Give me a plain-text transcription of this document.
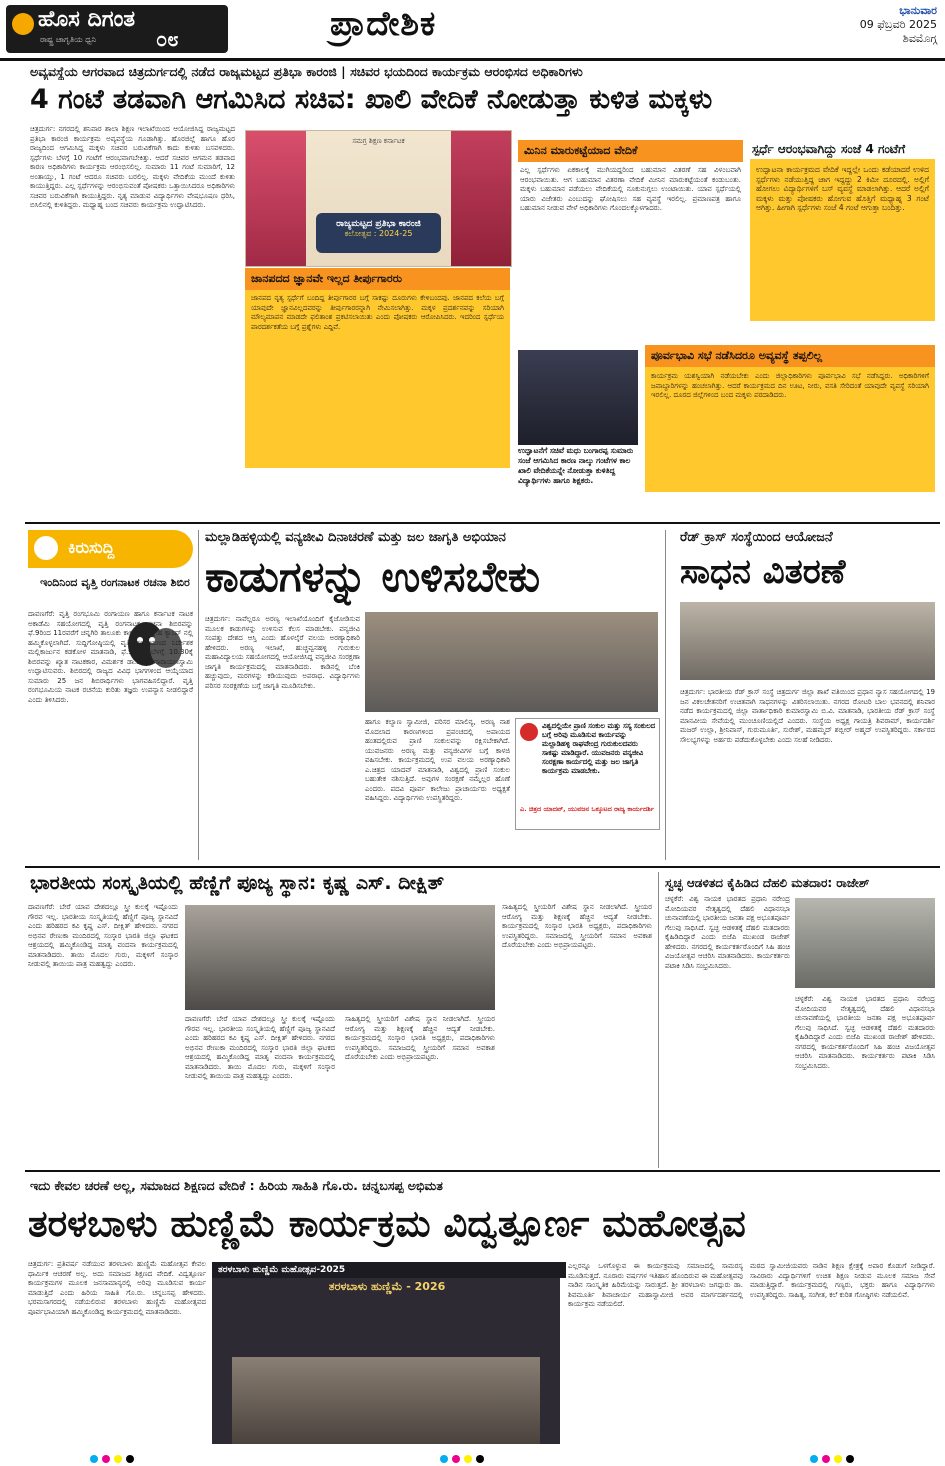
ಹೊಸ ದಿಗಂತ
ರಾಷ್ಟ್ರ ಜಾಗೃತಿಯ ಧ್ವನಿ	೦೮	ಪ್ರಾದೇಶಿಕ	ಭಾನುವಾರ
09 ಫೆಬ್ರವರಿ 2025
ಶಿವಮೊಗ್ಗ
ಅವ್ಯವಸ್ಥೆಯ ಆಗರವಾದ ಚಿತ್ರದುರ್ಗದಲ್ಲಿ ನಡೆದ ರಾಜ್ಯಮಟ್ಟದ ಪ್ರತಿಭಾ ಕಾರಂಜಿ | ಸಚಿವರ ಭಯದಿಂದ ಕಾರ್ಯಕ್ರಮ ಆರಂಭಿಸದ ಅಧಿಕಾರಿಗಳು
4 ಗಂಟೆ ತಡವಾಗಿ ಆಗಮಿಸಿದ ಸಚಿವ: ಖಾಲಿ ವೇದಿಕೆ ನೋಡುತ್ತಾ ಕುಳಿತ ಮಕ್ಕಳು
ಚಿತ್ರದುರ್ಗ: ನಗರದಲ್ಲಿ ಶನಿವಾರ ಶಾಲಾ ಶಿಕ್ಷಣ ಇಲಾಖೆಯಿಂದ ಆಯೋಜಿಸಿದ್ದ ರಾಜ್ಯಮಟ್ಟದ ಪ್ರತಿಭಾ ಕಾರಂಜಿ ಕಾರ್ಯಕ್ರಮ ಅವ್ಯವಸ್ಥೆಯ ಗೂಡಾಗಿತ್ತು. ಹೊರಜಿಲ್ಲೆ ಹಾಗೂ ಹೊರ ರಾಜ್ಯದಿಂದ ಆಗಮಿಸಿದ್ದ ಮಕ್ಕಳು ಸಚಿವರ ಬರುವಿಕೆಗಾಗಿ ಕಾದು ಕುಳಿತು ಬಸವಳಿದರು. ಸ್ಪರ್ಧೆಗಳು ಬೆಳಗ್ಗೆ 10 ಗಂಟೆಗೆ ಆರಂಭವಾಗಬೇಕಿತ್ತು. ಆದರೆ ಸಚಿವರ ಆಗಮನ ತಡವಾದ ಕಾರಣ ಅಧಿಕಾರಿಗಳು ಕಾರ್ಯಕ್ರಮ ಆರಂಭಿಸಲಿಲ್ಲ. ಸುಮಾರು 11 ಗಂಟೆ ಸುಮಾರಿಗೆ, 12 ಅಂತಾಯ್ತು, 1 ಗಂಟೆ ಆದರೂ ಸಚಿವರು ಬರಲಿಲ್ಲ. ಮಕ್ಕಳು ವೇದಿಕೆಯ ಮುಂದೆ ಕುಳಿತು ಕಾಯುತ್ತಿದ್ದರು. ಎಲ್ಲ ಸ್ಪರ್ಧೆಗಳನ್ನು ಆರಂಭಿಸುವಂತೆ ಪೋಷಕರು ಒತ್ತಾಯಿಸಿದರೂ ಅಧಿಕಾರಿಗಳು ಸಚಿವರ ಬರುವಿಕೆಗಾಗಿ ಕಾಯುತ್ತಿದ್ದರು. ನೃತ್ಯ ಮಾಡುವ ವಿದ್ಯಾರ್ಥಿಗಳು ವೇಷಭೂಷಣ ಧರಿಸಿ, ಬಿಸಿಲಿನಲ್ಲಿ ಕುಳಿತಿದ್ದರು. ಮಧ್ಯಾಹ್ನ ಬಂದ ಸಚಿವರು ಕಾರ್ಯಕ್ರಮ ಉದ್ಘಾಟಿಸಿದರು.
ಸಮಗ್ರ ಶಿಕ್ಷಣ ಕರ್ನಾಟಕ
ರಾಜ್ಯಮಟ್ಟದ ಪ್ರತಿಭಾ ಕಾರಂಜಿ
ಕಲೋತ್ಸವ : 2024-25
ಜಾನಪದದ ಜ್ಞಾನವೇ ಇಲ್ಲದ ತೀರ್ಪುಗಾರರು
ಜಾನಪದ ನೃತ್ಯ ಸ್ಪರ್ಧೆಗೆ ಬಂದಿದ್ದ ತೀರ್ಪುಗಾರರ ಬಗ್ಗೆ ಸಾಕಷ್ಟು ದೂರುಗಳು ಕೇಳಿಬಂದವು. ಜಾನಪದ ಕಲೆಯ ಬಗ್ಗೆ ಯಾವುದೇ ಜ್ಞಾನವಿಲ್ಲದವರನ್ನು ತೀರ್ಪುಗಾರರನ್ನಾಗಿ ನೇಮಿಸಲಾಗಿತ್ತು. ಮಕ್ಕಳ ಪ್ರದರ್ಶನವನ್ನು ಸರಿಯಾಗಿ ಮೌಲ್ಯಮಾಪನ ಮಾಡದೇ ಫಲಿತಾಂಶ ಪ್ರಕಟಿಸಲಾಯಿತು ಎಂದು ಪೋಷಕರು ಆರೋಪಿಸಿದರು. ಇದರಿಂದ ಸ್ಪರ್ಧೆಯ ಪಾರದರ್ಶಕತೆಯ ಬಗ್ಗೆ ಪ್ರಶ್ನೆಗಳು ಎದ್ದಿವೆ.
ಮಿನಿನ ಮಾರುಕಟ್ಟೆಯಾದ ವೇದಿಕೆ
ಎಲ್ಲ ಸ್ಪರ್ಧೆಗಳು ಏಕಕಾಲಕ್ಕೆ ಮುಗಿಯದ್ದರಿಂದ ಬಹುಮಾನ ವಿತರಣೆ ಸಹ ವಿಳಂಬವಾಗಿ ಆರಂಭವಾಯಿತು. ಆಗ ಬಹುಮಾನ ವಿತರಣಾ ವೇದಿಕೆ ಮೀನಿನ ಮಾರುಕಟ್ಟೆಯಂತೆ ಕಂಡುಬಂತು. ಮಕ್ಕಳು ಬಹುಮಾನ ಪಡೆಯಲು ವೇದಿಕೆಯಲ್ಲಿ ನೂಕುನುಗ್ಗಲು ಉಂಟಾಯಿತು. ಯಾವ ಸ್ಪರ್ಧೆಯಲ್ಲಿ ಯಾರು ವಿಜೇತರು ಎಂಬುದನ್ನು ಘೋಷಿಸಲು ಸಹ ವ್ಯವಸ್ಥೆ ಇರಲಿಲ್ಲ. ಪ್ರಮಾಣಪತ್ರ ಹಾಗೂ ಬಹುಮಾನ ನೀಡುವ ವೇಳೆ ಅಧಿಕಾರಿಗಳು ಗೊಂದಲಕ್ಕೊಳಗಾದರು.
ಸ್ಪರ್ಧೆ ಆರಂಭವಾಗಿದ್ದು ಸಂಜೆ 4 ಗಂಟೆಗೆ
ಉದ್ಘಾಟನಾ ಕಾರ್ಯಕ್ರಮದ ವೇದಿಕೆ ಇದ್ದಲ್ಲೇ ಒಂದು ಕಡೆಯಾದರೆ ಉಳಿದ ಸ್ಪರ್ಧೆಗಳು ನಡೆಯುತ್ತಿದ್ದ ಜಾಗ ಇದ್ದದ್ದು 2 ಕಿಮೀ ದೂರದಲ್ಲಿ. ಅಲ್ಲಿಗೆ ಹೋಗಲು ವಿದ್ಯಾರ್ಥಿಗಳಿಗೆ ಬಸ್ ವ್ಯವಸ್ಥೆ ಮಾಡಲಾಗಿತ್ತು. ಆದರೆ ಅಲ್ಲಿಗೆ ಮಕ್ಕಳು ಮತ್ತು ಪೋಷಕರು ಹೋಗುವ ಹೊತ್ತಿಗೆ ಮಧ್ಯಾಹ್ನ 3 ಗಂಟೆ ಆಗಿತ್ತು. ಹೀಗಾಗಿ ಸ್ಪರ್ಧೆಗಳು ಸಂಜೆ 4 ಗಂಟೆ ಆಗುತ್ತಾ ಬಂದಿತ್ತು.
ಉದ್ಘಾಟನೆಗೆ ಸಚಿವೆ ಮಧು ಬಂಗಾರಪ್ಪ ಸುಮಾರು ಸಂಜೆ ಆಗಮಿಸಿದ ಕಾರಣ ನಾಲ್ಕು ಗಂಟೆಗಳ ಕಾಲ ಖಾಲಿ ವೇದಿಕೆಯನ್ನೇ ನೋಡುತ್ತಾ ಕುಳಿತಿದ್ದ ವಿದ್ಯಾರ್ಥಿಗಳು ಹಾಗೂ ಶಿಕ್ಷಕರು.
ಪೂರ್ವಭಾವಿ ಸಭೆ ನಡೆಸಿದರೂ ಅವ್ಯವಸ್ಥೆ ತಪ್ಪಲಿಲ್ಲ
ಕಾರ್ಯಕ್ರಮ ಯಶಸ್ವಿಯಾಗಿ ನಡೆಯಬೇಕು ಎಂದು ಜಿಲ್ಲಾಧಿಕಾರಿಗಳು ಪೂರ್ವಭಾವಿ ಸಭೆ ನಡೆಸಿದ್ದರು. ಅಧಿಕಾರಿಗಳಿಗೆ ಜವಾಬ್ದಾರಿಗಳನ್ನು ಹಂಚಲಾಗಿತ್ತು. ಆದರೆ ಕಾರ್ಯಕ್ರಮದ ದಿನ ಊಟ, ನೀರು, ವಸತಿ ಸೇರಿದಂತೆ ಯಾವುದೇ ವ್ಯವಸ್ಥೆ ಸರಿಯಾಗಿ ಇರಲಿಲ್ಲ. ದೂರದ ಜಿಲ್ಲೆಗಳಿಂದ ಬಂದ ಮಕ್ಕಳು ಪರದಾಡಿದರು.
ಕಿರುಸುದ್ದಿ
ಇಂದಿನಿಂದ ವೃತ್ತಿ ರಂಗನಾಟಕ ರಚನಾ ಶಿಬಿರ
ದಾವಣಗೆರೆ: ವೃತ್ತಿ ರಂಗಭೂಮಿ ರಂಗಾಯಣ ಹಾಗೂ ಕರ್ನಾಟಕ ನಾಟಕ ಅಕಾಡೆಮಿ ಸಹಯೋಗದಲ್ಲಿ ವೃತ್ತಿ ರಂಗನಾಟಕ ರಚನಾ ಶಿಬಿರವನ್ನು ಫೆ.9ರಿಂದ 11ರವರೆಗೆ ಚನ್ನಗಿರಿ ತಾಲೂಕು ಕಾಕನೂರಿನ ಸ್ನೇಹ ಕ್ಯಾಂಪ್ ನಲ್ಲಿ ಹಮ್ಮಿಕೊಳ್ಳಲಾಗಿದೆ. ಸುದ್ದಿಗೋಷ್ಠಿಯಲ್ಲಿ ವೃತ್ತಿ ರಂಗಾಯಣದ ನಿರ್ದೇಶಕ ಮಲ್ಲಿಕಾರ್ಜುನ ಕಡಕೋಳ ಮಾತನಾಡಿ, ಫೆ.9ರಂದು ಬೆಳಗ್ಗೆ 10.30ಕ್ಕೆ ಶಿಬಿರವನ್ನು ಖ್ಯಾತ ನಾಟಕಕಾರ, ವಿಮರ್ಶಕ ಡಾ.ಕೆ.ವೈ. ನಾರಾಯಣಸ್ವಾಮಿ ಉದ್ಘಾಟಿಸುವರು. ಶಿಬಿರದಲ್ಲಿ ರಾಜ್ಯದ ವಿವಿಧ ಭಾಗಗಳಿಂದ ಆಯ್ಕೆಯಾದ ಸುಮಾರು 25 ಜನ ಶಿಬಿರಾರ್ಥಿಗಳು ಭಾಗವಹಿಸಲಿದ್ದಾರೆ. ವೃತ್ತಿ ರಂಗಭೂಮಿಯ ನಾಟಕ ರಚನೆಯ ಕುರಿತು ತಜ್ಞರು ಉಪನ್ಯಾಸ ನೀಡಲಿದ್ದಾರೆ ಎಂದು ತಿಳಿಸಿದರು.
ಮಲ್ಲಾಡಿಹಳ್ಳಿಯಲ್ಲಿ ವನ್ಯಜೀವಿ ದಿನಾಚರಣೆ ಮತ್ತು ಜಲ ಜಾಗೃತಿ ಅಭಿಯಾನ
ಕಾಡುಗಳನ್ನು ಉಳಿಸಬೇಕು
ಚಿತ್ರದುರ್ಗ: ನಾವೆಲ್ಲರೂ ಅರಣ್ಯ ಇಲಾಖೆಯೊಂದಿಗೆ ಕೈಜೋಡಿಸುವ ಮೂಲಕ ಕಾಡುಗಳನ್ನು ಉಳಿಸುವ ಕೆಲಸ ಮಾಡಬೇಕು. ವನ್ಯಜೀವಿ ಸಂಪತ್ತು ದೇಶದ ಆಸ್ತಿ ಎಂದು ಹೊಳಲ್ಕೆರೆ ವಲಯ ಅರಣ್ಯಾಧಿಕಾರಿ ಹೇಳಿದರು. ಅರಣ್ಯ ಇಲಾಖೆ, ಹುಚ್ಚವ್ವನಹಳ್ಳಿ ಗುರುಕುಲ ಮಹಾವಿದ್ಯಾಲಯ ಸಹಯೋಗದಲ್ಲಿ ಆಯೋಜಿಸಿದ್ದ ವನ್ಯಜೀವಿ ಸಂರಕ್ಷಣಾ ಜಾಗೃತಿ ಕಾರ್ಯಕ್ರಮದಲ್ಲಿ ಮಾತನಾಡಿದರು. ಕಾಡಿನಲ್ಲಿ ಬೆಂಕಿ ಹಚ್ಚುವುದು, ಮರಗಳನ್ನು ಕಡಿಯುವುದು ಅಪರಾಧ. ವಿದ್ಯಾರ್ಥಿಗಳು ಪರಿಸರ ಸಂರಕ್ಷಣೆಯ ಬಗ್ಗೆ ಜಾಗೃತಿ ಮೂಡಿಸಬೇಕು.
ಹಾಗೂ ಕಲ್ಯಾಣ ಸ್ವಾಮೀಜಿ, ಪರಿಸರ ಮಾಲಿನ್ಯ, ಅರಣ್ಯ ನಾಶ ಮೊದಲಾದ ಕಾರಣಗಳಿಂದ ಪ್ರಪಂಚದಲ್ಲಿ ಅಪಾಯದ ಹಂತದಲ್ಲಿರುವ ಪ್ರಾಣಿ ಸಂಕುಲವನ್ನು ರಕ್ಷಿಸಬೇಕಾಗಿದೆ. ಯುವಜನರು ಅರಣ್ಯ ಮತ್ತು ವನ್ಯಜೀವಿಗಳ ಬಗ್ಗೆ ಕಾಳಜಿ ವಹಿಸಬೇಕು. ಕಾರ್ಯಕ್ರಮದಲ್ಲಿ ಉಪ ವಲಯ ಅರಣ್ಯಾಧಿಕಾರಿ ಎ.ಚಿತ್ರದ ಯಾದವ್ ಮಾತನಾಡಿ, ವಿಶ್ವದಲ್ಲಿ ಪ್ರಾಣಿ ಸಂಕುಲ ಬಹುತೇಕ ನಶಿಸುತ್ತಿದೆ. ಅವುಗಳ ಸಂರಕ್ಷಣೆ ನಮ್ಮೆಲ್ಲರ ಹೊಣೆ ಎಂದರು. ಪದವಿ ಪೂರ್ವ ಕಾಲೇಜು ಪ್ರಾಚಾರ್ಯರು ಅಧ್ಯಕ್ಷತೆ ವಹಿಸಿದ್ದರು. ವಿದ್ಯಾರ್ಥಿಗಳು ಉಪಸ್ಥಿತರಿದ್ದರು.
ವಿಶ್ವದಲ್ಲಿಯೇ ಪ್ರಾಣಿ ಸಂಕುಲ ಮತ್ತು ಸಸ್ಯ ಸಂಕುಲದ ಬಗ್ಗೆ ಅರಿವು ಮೂಡಿಸುವ ಕಾರ್ಯವನ್ನು ಮಲ್ಲಾಡಿಹಳ್ಳಿ ರಾಘವೇಂದ್ರ ಗುರುಕುಲದವರು ಸಾಕಷ್ಟು ಮಾಡಿದ್ದಾರೆ. ಯುವಜನರು ವನ್ಯಜೀವಿ ಸಂರಕ್ಷಣಾ ಕಾರ್ಯದಲ್ಲಿ ಮತ್ತು ಜಲ ಜಾಗೃತಿ ಕಾರ್ಯಕ್ರಮ ಮಾಡಬೇಕು.
ಎ. ಚಿತ್ರದ ಯಾದವ್, ಯುವಜನ ಒಕ್ಕೂಟದ ರಾಜ್ಯ ಕಾರ್ಯದರ್ಶಿ
ರೆಡ್ ಕ್ರಾಸ್ ಸಂಸ್ಥೆಯಿಂದ ಆಯೋಜನೆ
ಸಾಧನ ವಿತರಣೆ
ಚಿತ್ರದುರ್ಗ: ಭಾರತೀಯ ರೆಡ್ ಕ್ರಾಸ್ ಸಂಸ್ಥೆ ಚಿತ್ರದುರ್ಗ ಜಿಲ್ಲಾ ಶಾಖೆ ವತಿಯಿಂದ ಪ್ರಧಾನ ನ್ಯಾಸ ಸಹಯೋಗದಲ್ಲಿ 19 ಜನ ವಿಕಲಚೇತನರಿಗೆ ಉಚಿತವಾಗಿ ಸಾಧನಗಳನ್ನು ವಿತರಿಸಲಾಯಿತು. ನಗರದ ರೋಟರಿ ಬಾಲ ಭವನದಲ್ಲಿ ಶನಿವಾರ ನಡೆದ ಕಾರ್ಯಕ್ರಮದಲ್ಲಿ ಜಿಲ್ಲಾ ವಾರ್ತಾಧಿಕಾರಿ ಕುಮಾರಸ್ವಾಮಿ ಬಿ.ವಿ. ಮಾತನಾಡಿ, ಭಾರತೀಯ ರೆಡ್ ಕ್ರಾಸ್ ಸಂಸ್ಥೆ ಮಾನವೀಯ ಸೇವೆಯಲ್ಲಿ ಮುಂಚೂಣಿಯಲ್ಲಿದೆ ಎಂದರು. ಸಂಸ್ಥೆಯ ಅಧ್ಯಕ್ಷ ಗಾಯತ್ರಿ ಶಿವರಾಮ್, ಕಾರ್ಯದರ್ಶಿ ಮಜರ್ ಉಲ್ಲಾ, ಶ್ರೀನಿವಾಸ್, ಗುರುಮೂರ್ತಿ, ಸುರೇಶ್, ಮಹಮ್ಮದ್ ಶಬ್ಬೀರ್ ಅಹ್ಮದ್ ಉಪಸ್ಥಿತರಿದ್ದರು. ಸರ್ಕಾರದ ಸೌಲಭ್ಯಗಳನ್ನು ಅರ್ಹರು ಪಡೆದುಕೊಳ್ಳಬೇಕು ಎಂದು ಸಲಹೆ ನೀಡಿದರು.
ಭಾರತೀಯ ಸಂಸ್ಕೃತಿಯಲ್ಲಿ ಹೆಣ್ಣಿಗೆ ಪೂಜ್ಯ ಸ್ಥಾನ: ಕೃಷ್ಣ ಎಸ್. ದೀಕ್ಷಿತ್
ದಾವಣಗೆರೆ: ಬೇರೆ ಯಾವ ದೇಶದಲ್ಲೂ ಸ್ತ್ರೀ ಕುಲಕ್ಕೆ ಇಷ್ಟೊಂದು ಗೌರವ ಇಲ್ಲ. ಭಾರತೀಯ ಸಂಸ್ಕೃತಿಯಲ್ಲಿ ಹೆಣ್ಣಿಗೆ ಪೂಜ್ಯ ಸ್ಥಾನವಿದೆ ಎಂದು ಹರಿಹರದ ಕವಿ ಕೃಷ್ಣ ಎಸ್. ದೀಕ್ಷಿತ್ ಹೇಳಿದರು. ನಗರದ ಅಭಿನವ ರೇಣುಕಾ ಮಂದಿರದಲ್ಲಿ ಸಂಸ್ಕಾರ ಭಾರತಿ ಜಿಲ್ಲಾ ಘಟಕದ ಆಶ್ರಯದಲ್ಲಿ ಹಮ್ಮಿಕೊಂಡಿದ್ದ ಮಾತೃ ವಂದನಾ ಕಾರ್ಯಕ್ರಮದಲ್ಲಿ ಮಾತನಾಡಿದರು. ತಾಯಿ ಮೊದಲ ಗುರು, ಮಕ್ಕಳಿಗೆ ಸಂಸ್ಕಾರ ನೀಡುವಲ್ಲಿ ತಾಯಿಯ ಪಾತ್ರ ಮಹತ್ವದ್ದು ಎಂದರು.
ದಾವಣಗೆರೆ: ಬೇರೆ ಯಾವ ದೇಶದಲ್ಲೂ ಸ್ತ್ರೀ ಕುಲಕ್ಕೆ ಇಷ್ಟೊಂದು ಗೌರವ ಇಲ್ಲ. ಭಾರತೀಯ ಸಂಸ್ಕೃತಿಯಲ್ಲಿ ಹೆಣ್ಣಿಗೆ ಪೂಜ್ಯ ಸ್ಥಾನವಿದೆ ಎಂದು ಹರಿಹರದ ಕವಿ ಕೃಷ್ಣ ಎಸ್. ದೀಕ್ಷಿತ್ ಹೇಳಿದರು. ನಗರದ ಅಭಿನವ ರೇಣುಕಾ ಮಂದಿರದಲ್ಲಿ ಸಂಸ್ಕಾರ ಭಾರತಿ ಜಿಲ್ಲಾ ಘಟಕದ ಆಶ್ರಯದಲ್ಲಿ ಹಮ್ಮಿಕೊಂಡಿದ್ದ ಮಾತೃ ವಂದನಾ ಕಾರ್ಯಕ್ರಮದಲ್ಲಿ ಮಾತನಾಡಿದರು. ತಾಯಿ ಮೊದಲ ಗುರು, ಮಕ್ಕಳಿಗೆ ಸಂಸ್ಕಾರ ನೀಡುವಲ್ಲಿ ತಾಯಿಯ ಪಾತ್ರ ಮಹತ್ವದ್ದು ಎಂದರು.
ಸಾಹಿತ್ಯದಲ್ಲಿ ಸ್ತ್ರೀಯರಿಗೆ ವಿಶೇಷ ಸ್ಥಾನ ನೀಡಲಾಗಿದೆ. ಸ್ತ್ರೀಯರ ಆರೋಗ್ಯ ಮತ್ತು ಶಿಕ್ಷಣಕ್ಕೆ ಹೆಚ್ಚಿನ ಆದ್ಯತೆ ನೀಡಬೇಕು. ಕಾರ್ಯಕ್ರಮದಲ್ಲಿ ಸಂಸ್ಕಾರ ಭಾರತಿ ಅಧ್ಯಕ್ಷರು, ಪದಾಧಿಕಾರಿಗಳು ಉಪಸ್ಥಿತರಿದ್ದರು. ಸಮಾಜದಲ್ಲಿ ಸ್ತ್ರೀಯರಿಗೆ ಸಮಾನ ಅವಕಾಶ ದೊರೆಯಬೇಕು ಎಂದು ಅಭಿಪ್ರಾಯಪಟ್ಟರು.
ಸಾಹಿತ್ಯದಲ್ಲಿ ಸ್ತ್ರೀಯರಿಗೆ ವಿಶೇಷ ಸ್ಥಾನ ನೀಡಲಾಗಿದೆ. ಸ್ತ್ರೀಯರ ಆರೋಗ್ಯ ಮತ್ತು ಶಿಕ್ಷಣಕ್ಕೆ ಹೆಚ್ಚಿನ ಆದ್ಯತೆ ನೀಡಬೇಕು. ಕಾರ್ಯಕ್ರಮದಲ್ಲಿ ಸಂಸ್ಕಾರ ಭಾರತಿ ಅಧ್ಯಕ್ಷರು, ಪದಾಧಿಕಾರಿಗಳು ಉಪಸ್ಥಿತರಿದ್ದರು. ಸಮಾಜದಲ್ಲಿ ಸ್ತ್ರೀಯರಿಗೆ ಸಮಾನ ಅವಕಾಶ ದೊರೆಯಬೇಕು ಎಂದು ಅಭಿಪ್ರಾಯಪಟ್ಟರು.
ಸ್ವಚ್ಛ ಆಡಳಿತದ ಕೈಹಿಡಿದ ದೆಹಲಿ ಮತದಾರ: ರಾಜೇಶ್
ಚಳ್ಳಕೆರೆ: ವಿಶ್ವ ನಾಯಕ ಭಾರತದ ಪ್ರಧಾನಿ ನರೇಂದ್ರ ಮೋದಿಯವರ ನೇತೃತ್ವದಲ್ಲಿ ದೆಹಲಿ ವಿಧಾನಸಭಾ ಚುನಾವಣೆಯಲ್ಲಿ ಭಾರತೀಯ ಜನತಾ ಪಕ್ಷ ಅಭೂತಪೂರ್ವ ಗೆಲುವು ಸಾಧಿಸಿದೆ. ಸ್ವಚ್ಛ ಆಡಳಿತಕ್ಕೆ ದೆಹಲಿ ಮತದಾರರು ಕೈಹಿಡಿದಿದ್ದಾರೆ ಎಂದು ಬಿಜೆಪಿ ಮುಖಂಡ ರಾಜೇಶ್ ಹೇಳಿದರು. ನಗರದಲ್ಲಿ ಕಾರ್ಯಕರ್ತರೊಂದಿಗೆ ಸಿಹಿ ಹಂಚಿ ವಿಜಯೋತ್ಸವ ಆಚರಿಸಿ ಮಾತನಾಡಿದರು. ಕಾರ್ಯಕರ್ತರು ಪಟಾಕಿ ಸಿಡಿಸಿ ಸಂಭ್ರಮಿಸಿದರು.
ಚಳ್ಳಕೆರೆ: ವಿಶ್ವ ನಾಯಕ ಭಾರತದ ಪ್ರಧಾನಿ ನರೇಂದ್ರ ಮೋದಿಯವರ ನೇತೃತ್ವದಲ್ಲಿ ದೆಹಲಿ ವಿಧಾನಸಭಾ ಚುನಾವಣೆಯಲ್ಲಿ ಭಾರತೀಯ ಜನತಾ ಪಕ್ಷ ಅಭೂತಪೂರ್ವ ಗೆಲುವು ಸಾಧಿಸಿದೆ. ಸ್ವಚ್ಛ ಆಡಳಿತಕ್ಕೆ ದೆಹಲಿ ಮತದಾರರು ಕೈಹಿಡಿದಿದ್ದಾರೆ ಎಂದು ಬಿಜೆಪಿ ಮುಖಂಡ ರಾಜೇಶ್ ಹೇಳಿದರು. ನಗರದಲ್ಲಿ ಕಾರ್ಯಕರ್ತರೊಂದಿಗೆ ಸಿಹಿ ಹಂಚಿ ವಿಜಯೋತ್ಸವ ಆಚರಿಸಿ ಮಾತನಾಡಿದರು. ಕಾರ್ಯಕರ್ತರು ಪಟಾಕಿ ಸಿಡಿಸಿ ಸಂಭ್ರಮಿಸಿದರು.
ಇದು ಕೇವಲ ಚರಣೆ ಅಲ್ಲ, ಸಮಾಜದ ಶಿಕ್ಷಣದ ವೇದಿಕೆ : ಹಿರಿಯ ಸಾಹಿತಿ ಗೊ.ರು. ಚನ್ನಬಸಪ್ಪ ಅಭಿಮತ
ತರಳಬಾಳು ಹುಣ್ಣಿಮೆ ಕಾರ್ಯಕ್ರಮ ವಿದ್ವತ್ಪೂರ್ಣ ಮಹೋತ್ಸವ
ಚಿತ್ರದುರ್ಗ: ಪ್ರತಿವರ್ಷ ನಡೆಯುವ ತರಳಬಾಳು ಹುಣ್ಣಿಮೆ ಮಹೋತ್ಸವ ಕೇವಲ ಧಾರ್ಮಿಕ ಆಚರಣೆ ಅಲ್ಲ. ಅದು ಸಮಾಜದ ಶಿಕ್ಷಣದ ವೇದಿಕೆ. ವಿದ್ವತ್ಪೂರ್ಣ ಕಾರ್ಯಕ್ರಮಗಳ ಮೂಲಕ ಜನಸಾಮಾನ್ಯರಲ್ಲಿ ಅರಿವು ಮೂಡಿಸುವ ಕಾರ್ಯ ಮಾಡುತ್ತಿದೆ ಎಂದು ಹಿರಿಯ ಸಾಹಿತಿ ಗೊ.ರು. ಚನ್ನಬಸಪ್ಪ ಹೇಳಿದರು. ಭರಮಸಾಗರದಲ್ಲಿ ನಡೆಯಲಿರುವ ತರಳಬಾಳು ಹುಣ್ಣಿಮೆ ಮಹೋತ್ಸವದ ಪೂರ್ವಭಾವಿಯಾಗಿ ಹಮ್ಮಿಕೊಂಡಿದ್ದ ಕಾರ್ಯಕ್ರಮದಲ್ಲಿ ಮಾತನಾಡಿದರು.
ತರಳಬಾಳು ಹುಣ್ಣಿಮೆ ಮಹೋತ್ಸವ-2025
ತರಳಬಾಳು ಹುಣ್ಣಿಮೆ - 2026
ಎಲ್ಲರನ್ನೂ ಒಳಗೊಳ್ಳುವ ಈ ಕಾರ್ಯಕ್ರಮವು ಸಮಾಜದಲ್ಲಿ ಸಾಮರಸ್ಯ ಮೂಡಿಸುತ್ತದೆ. ನೂರಾರು ವರ್ಷಗಳ ಇತಿಹಾಸ ಹೊಂದಿರುವ ಈ ಮಹೋತ್ಸವವು ನಾಡಿನ ಸಾಂಸ್ಕೃತಿಕ ಹಿರಿಮೆಯನ್ನು ಸಾರುತ್ತದೆ. ಶ್ರೀ ತರಳಬಾಳು ಜಗದ್ಗುರು ಡಾ. ಶಿವಮೂರ್ತಿ ಶಿವಾಚಾರ್ಯ ಮಹಾಸ್ವಾಮೀಜಿ ಅವರ ಮಾರ್ಗದರ್ಶನದಲ್ಲಿ ಕಾರ್ಯಕ್ರಮ ನಡೆಯಲಿದೆ.
ಮಠದ ಸ್ವಾಮೀಜಿಯವರು ನಾಡಿನ ಶಿಕ್ಷಣ ಕ್ಷೇತ್ರಕ್ಕೆ ಅಪಾರ ಕೊಡುಗೆ ನೀಡಿದ್ದಾರೆ. ಸಾವಿರಾರು ವಿದ್ಯಾರ್ಥಿಗಳಿಗೆ ಉಚಿತ ಶಿಕ್ಷಣ ನೀಡುವ ಮೂಲಕ ಸಮಾಜ ಸೇವೆ ಮಾಡುತ್ತಿದ್ದಾರೆ. ಕಾರ್ಯಕ್ರಮದಲ್ಲಿ ಗಣ್ಯರು, ಭಕ್ತರು ಹಾಗೂ ವಿದ್ಯಾರ್ಥಿಗಳು ಉಪಸ್ಥಿತರಿದ್ದರು. ಸಾಹಿತ್ಯ, ಸಂಗೀತ, ಕಲೆ ಕುರಿತ ಗೋಷ್ಠಿಗಳು ನಡೆಯಲಿವೆ.
